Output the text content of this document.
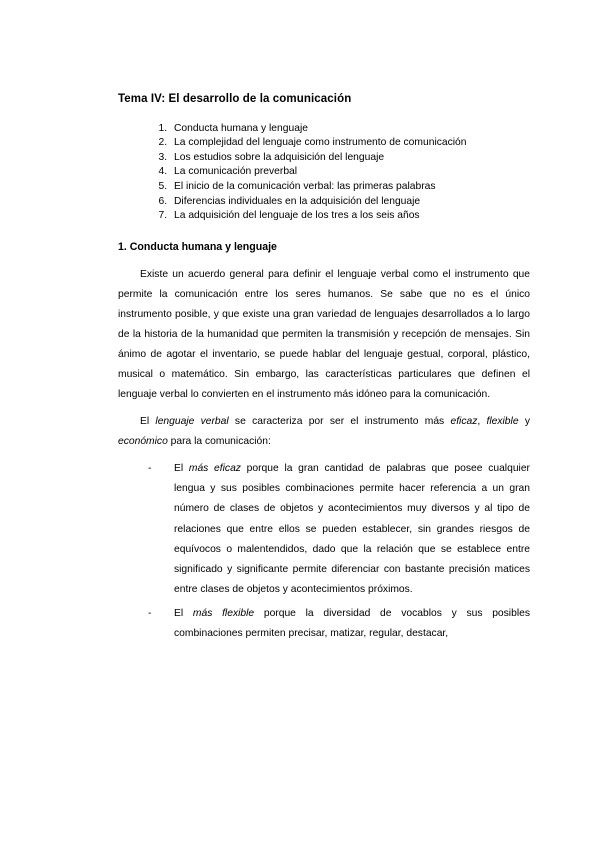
Tema IV: El desarrollo de la comunicación
1. Conducta humana y lenguaje
2. La complejidad del lenguaje como instrumento de comunicación
3. Los estudios sobre la adquisición del lenguaje
4. La comunicación preverbal
5. El inicio de la comunicación verbal: las primeras palabras
6. Diferencias individuales en la adquisición del lenguaje
7. La adquisición del lenguaje de los tres a los seis años
1. Conducta humana y lenguaje

Existe un acuerdo general para definir el lenguaje verbal como el instrumento que permite la comunicación entre los seres humanos. Se sabe que no es el único instrumento posible, y que existe una gran variedad de lenguajes desarrollados a lo largo de la historia de la humanidad que permiten la transmisión y recepción de mensajes. Sin ánimo de agotar el inventario, se puede hablar del lenguaje gestual, corporal, plástico, musical o matemático. Sin embargo, las características particulares que definen el lenguaje verbal lo convierten en el instrumento más idóneo para la comunicación.

El lenguaje verbal se caracteriza por ser el instrumento más eficaz, flexible y económico para la comunicación:

- El más eficaz porque la gran cantidad de palabras que posee cualquier lengua y sus posibles combinaciones permite hacer referencia a un gran número de clases de objetos y acontecimientos muy diversos y al tipo de relaciones que entre ellos se pueden establecer, sin grandes riesgos de equívocos o malentendidos, dado que la relación que se establece entre significado y significante permite diferenciar con bastante precisión matices entre clases de objetos y acontecimientos próximos.
- El más flexible porque la diversidad de vocablos y sus posibles combinaciones permiten precisar, matizar, regular, destacar,
